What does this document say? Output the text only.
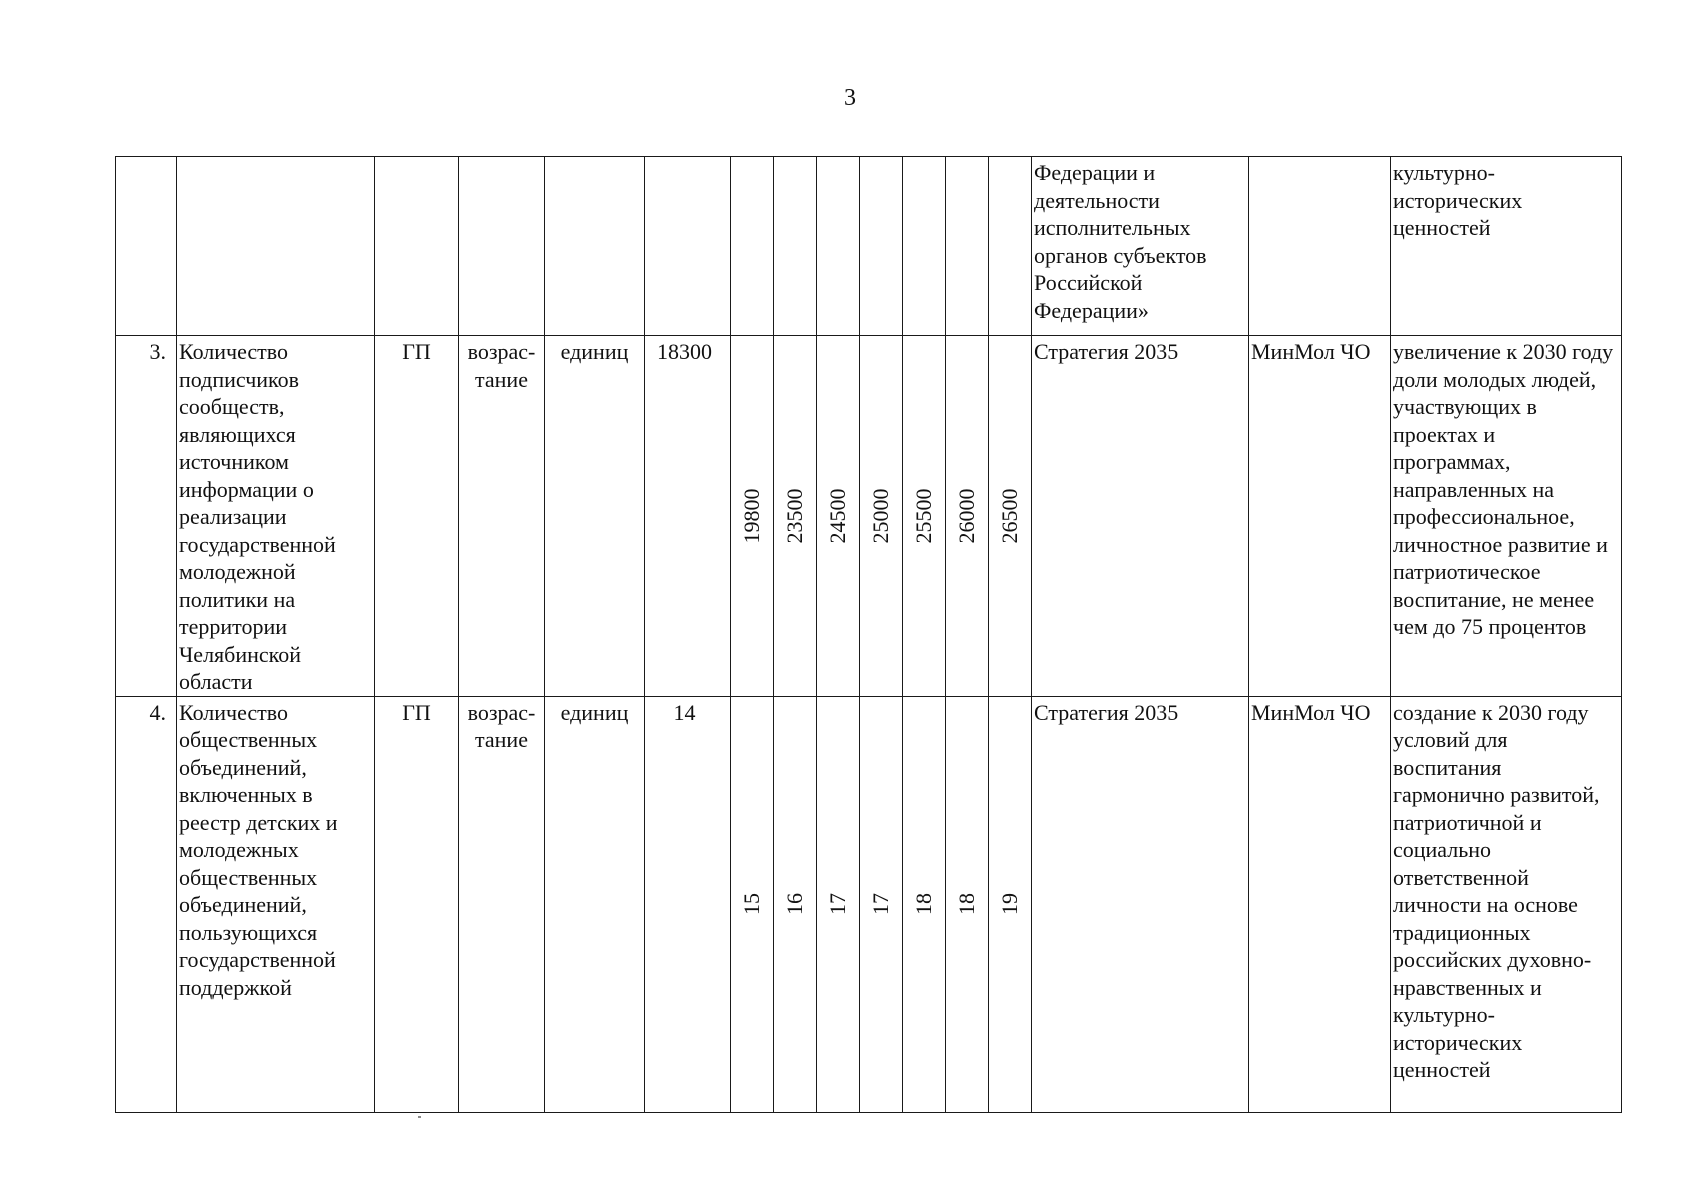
3

													Федерации и деятельности исполнительных органов субъектов Российской Федерации»		культурно-исторических ценностей

3.	Количество подписчиков сообществ, являющихся источником информации о реализации государственной молодежной политики на территории Челябинской области	ГП	возрас-тание	единиц	18300	19800	23500	24500	25000	25500	26000	26500	Стратегия 2035	МинМол ЧО	увеличение к 2030 году доли молодых людей, участвующих в проектах и программах, направленных на профессиональное, личностное развитие и патриотическое воспитание, не менее чем до 75 процентов

4.	Количество общественных объединений, включенных в реестр детских и молодежных общественных объединений, пользующихся государственной поддержкой	ГП	возрас-тание	единиц	14	15	16	17	17	18	18	19	Стратегия 2035	МинМол ЧО	создание к 2030 году условий для воспитания гармонично развитой, патриотичной и социально ответственной личности на основе традиционных российских духовно-нравственных и культурно-исторических ценностей
